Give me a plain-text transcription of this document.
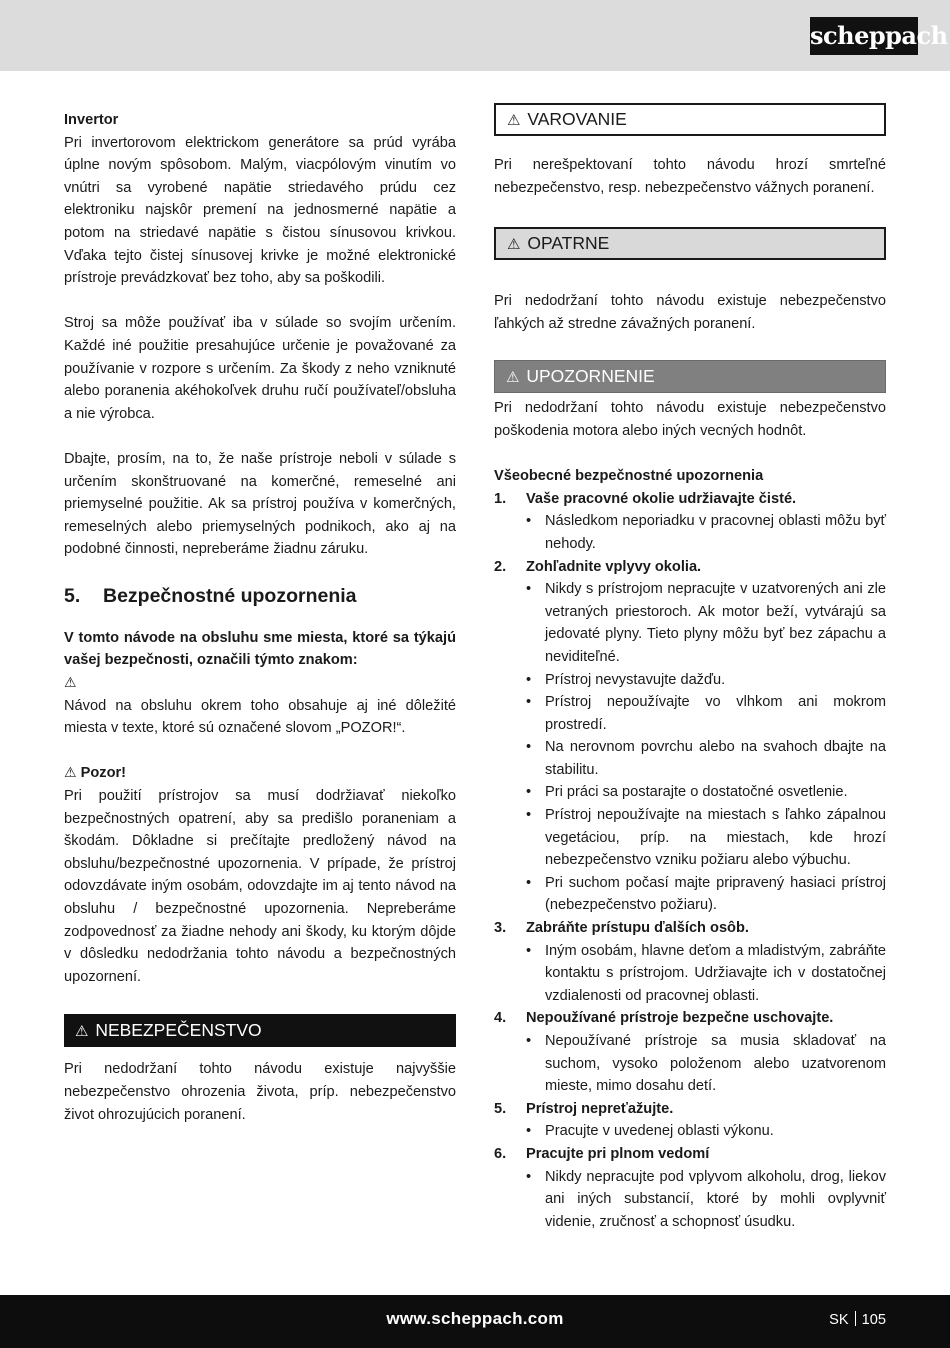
scheppach

Invertor

Pri invertorovom elektrickom generátore sa prúd vyrába úplne novým spôsobom. Malým, viacpólovým vinutím vo vnútri sa vyrobené napätie striedavého prúdu cez elektroniku najskôr premení na jednosmerné napätie a potom na striedavé napätie s čistou sínusovou krivkou. Vďaka tejto čistej sínusovej krivke je možné elektronické prístroje prevádzkovať bez toho, aby sa poškodili.

Stroj sa môže používať iba v súlade so svojím určením. Každé iné použitie presahujúce určenie je považované za používanie v rozpore s určením. Za škody z neho vzniknuté alebo poranenia akéhokoľvek druhu ručí používateľ/obsluha a nie výrobca.

Dbajte, prosím, na to, že naše prístroje neboli v súlade s určením skonštruované na komerčné, remeselné ani priemyselné použitie. Ak sa prístroj používa v komerčných, remeselných alebo priemyselných podnikoch, ako aj na podobné činnosti, nepreberáme žiadnu záruku.

5. Bezpečnostné upozornenia

V tomto návode na obsluhu sme miesta, ktoré sa týkajú vašej bezpečnosti, označili týmto znakom:

⚠

Návod na obsluhu okrem toho obsahuje aj iné dôležité miesta v texte, ktoré sú označené slovom „POZOR!“.

⚠ Pozor!

Pri použití prístrojov sa musí dodržiavať niekoľko bezpečnostných opatrení, aby sa predišlo poraneniam a škodám. Dôkladne si prečítajte predložený návod na obsluhu/bezpečnostné upozornenia. V prípade, že prístroj odovzdávate iným osobám, odovzdajte im aj tento návod na obsluhu / bezpečnostné upozornenia. Nepreberáme zodpovednosť za žiadne nehody ani škody, ku ktorým dôjde v dôsledku nedodržania tohto návodu a bezpečnostných upozornení.

⚠ NEBEZPEČENSTVO

Pri nedodržaní tohto návodu existuje najvyššie nebezpečenstvo ohrozenia života, príp. nebezpečenstvo život ohrozujúcich poranení.

⚠ VAROVANIE

Pri nerešpektovaní tohto návodu hrozí smrteľné nebezpečenstvo, resp. nebezpečenstvo vážnych poranení.

⚠ OPATRNE

Pri nedodržaní tohto návodu existuje nebezpečenstvo ľahkých až stredne závažných poranení.

⚠ UPOZORNENIE

Pri nedodržaní tohto návodu existuje nebezpečenstvo poškodenia motora alebo iných vecných hodnôt.

Všeobecné bezpečnostné upozornenia

1. Vaše pracovné okolie udržiavajte čisté.
• Následkom neporiadku v pracovnej oblasti môžu byť nehody.
2. Zohľadnite vplyvy okolia.
• Nikdy s prístrojom nepracujte v uzatvorených ani zle vetraných priestoroch. Ak motor beží, vytvárajú sa jedovaté plyny. Tieto plyny môžu byť bez zápachu a neviditeľné.
• Prístroj nevystavujte dažďu.
• Prístroj nepoužívajte vo vlhkom ani mokrom prostredí.
• Na nerovnom povrchu alebo na svahoch dbajte na stabilitu.
• Pri práci sa postarajte o dostatočné osvetlenie.
• Prístroj nepoužívajte na miestach s ľahko zápalnou vegetáciou, príp. na miestach, kde hrozí nebezpečenstvo vzniku požiaru alebo výbuchu.
• Pri suchom počasí majte pripravený hasiaci prístroj (nebezpečenstvo požiaru).
3. Zabráňte prístupu ďalších osôb.
• Iným osobám, hlavne deťom a mladistvým, zabráňte kontaktu s prístrojom. Udržiavajte ich v dostatočnej vzdialenosti od pracovnej oblasti.
4. Nepoužívané prístroje bezpečne uschovajte.
• Nepoužívané prístroje sa musia skladovať na suchom, vysoko položenom alebo uzatvorenom mieste, mimo dosahu detí.
5. Prístroj nepreťažujte.
• Pracujte v uvedenej oblasti výkonu.
6. Pracujte pri plnom vedomí
• Nikdy nepracujte pod vplyvom alkoholu, drog, liekov ani iných substancií, ktoré by mohli ovplyvniť videnie, zručnosť a schopnosť úsudku.
www.scheppach.com	SK 105
